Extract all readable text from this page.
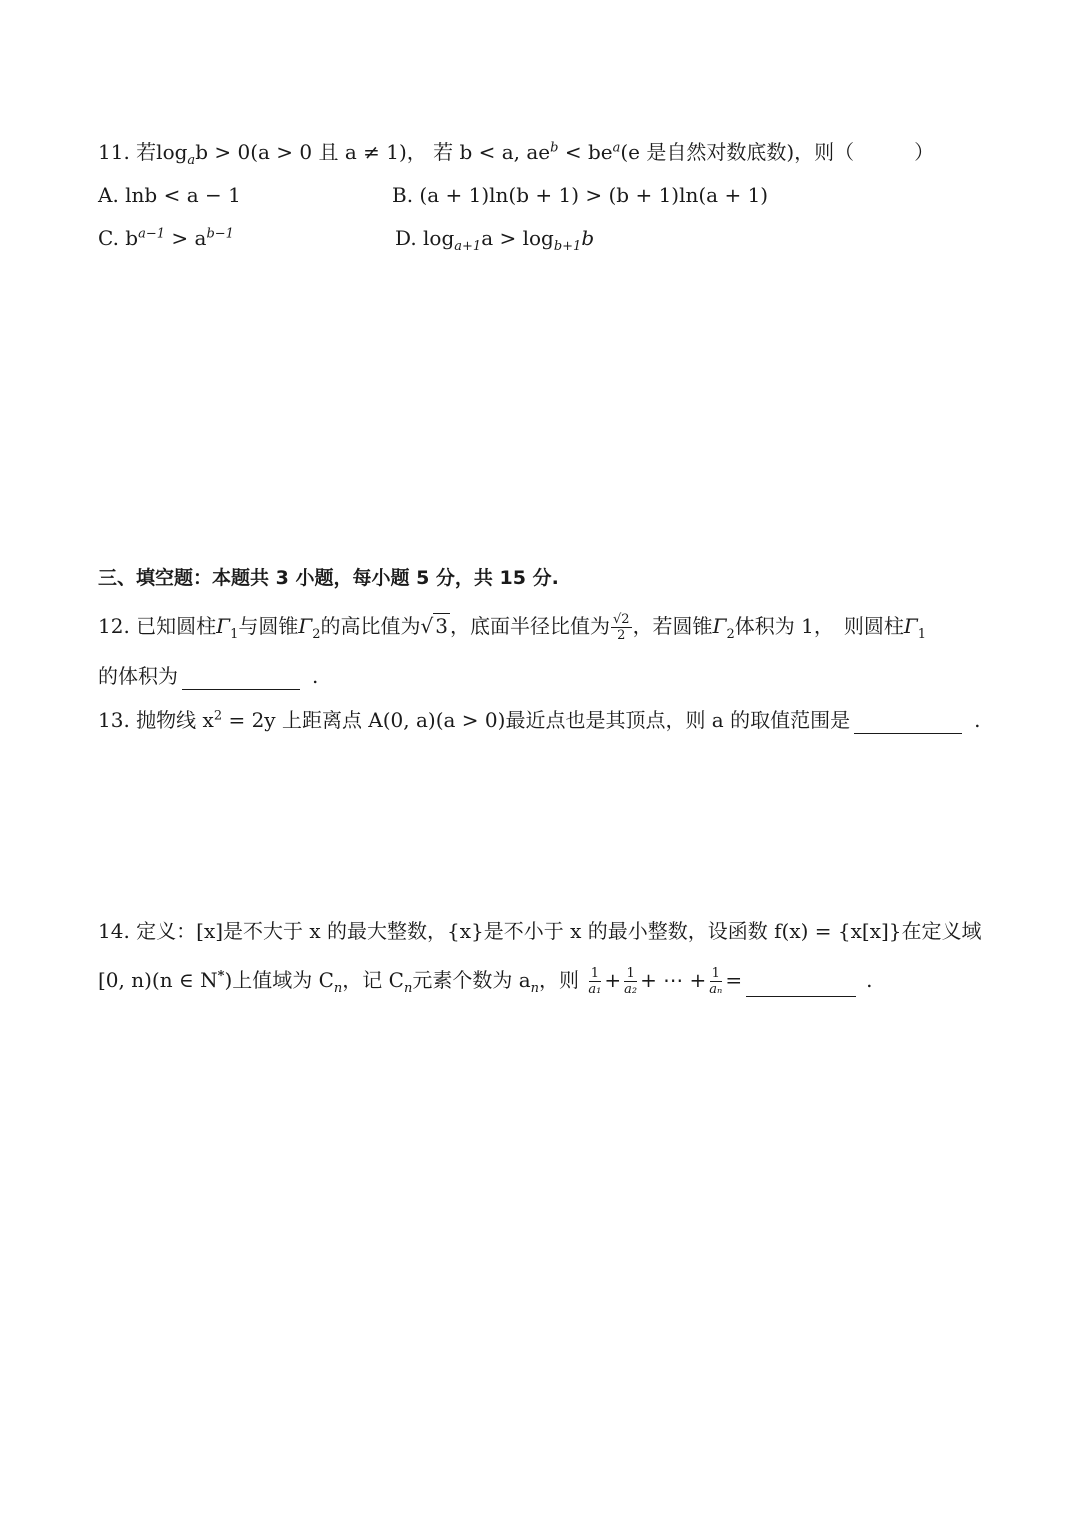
11. 若$\log_ab > 0(a > 0$ 且 a ≠ 1)， 若 b < a, $ae^b < be^a(e$ 是自然对数底数)，则（　　　）
A. lnb < a − 1	B. (a + 1)ln(b + 1) > (b + 1)ln(a + 1)
C. $b^{a-1} > a^{b-1}$	D. $\log_{a+1}a > \log_{b+1}b$
三、填空题：本题共 3 小题，每小题 5 分，共 15 分.
12. 已知圆柱$\Gamma_1$与圆锥$\Gamma_2$的高比值为√ 3 ，底面半径比值为 $\frac{√2}{2}$ ，若圆锥$\Gamma_2$体积为 1，　则圆柱$\Gamma_1$
的体积为	.
13. 抛物线 $x^2 = 2y$ 上距离点 A(0, a)(a > 0)最近点也是其顶点，则 a 的取值范围是	.
14. 定义：[x]是不大于 x 的最大整数，{x}是不小于 x 的最小整数，设函数 f(x) = {x[x]}在定义域
[0, n)(n ∈ N*)上值域为 $C_n$，记 $C_n$元素个数为 $a_n$，则 $\frac{1}{\text{a₁}} + \frac{1}{\text{a₂}}$ + ⋯ + $\frac{1}{\text{aₙ}}$ =	.
